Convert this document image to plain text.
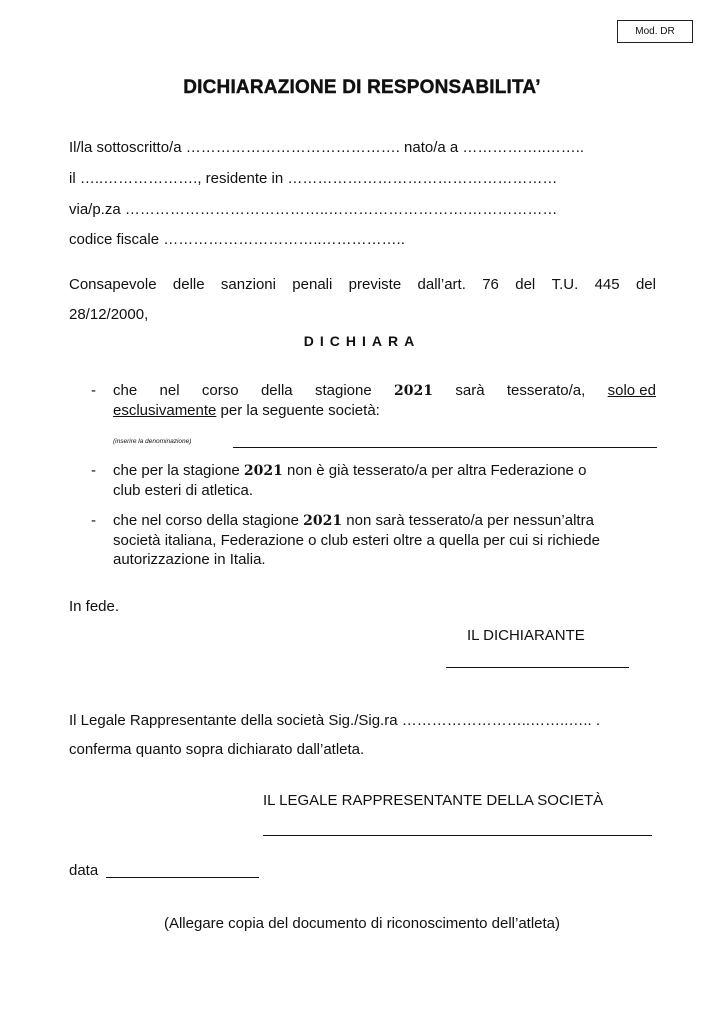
Mod. DR
DICHIARAZIONE DI RESPONSABILITA’
Il/la sottoscritto/a ……………………………………. nato/a a ……………..……..
il …..………………., residente in ………………………………………………
via/p.za …………………………………..……………………….………………
codice fiscale …………………………..……………..
Consapevole delle sanzioni penali previste dall’art. 76 del T.U. 445 del
28/12/2000,
DICHIARA
- che nel corso della stagione 2021 sarà tesserato/a, solo ed
esclusivamente per la seguente società:
(inserire la denominazione)
- che per la stagione 2021 non è già tesserato/a per altra Federazione o
club esteri di atletica.
- che nel corso della stagione 2021 non sarà tesserato/a per nessun’altra
società italiana, Federazione o club esteri oltre a quella per cui si richiede
autorizzazione in Italia.
In fede.
IL DICHIARANTE
Il Legale Rappresentante della società Sig./Sig.ra ……………………..……..….. .
conferma quanto sopra dichiarato dall’atleta.
IL LEGALE RAPPRESENTANTE DELLA SOCIETÀ
data
(Allegare copia del documento di riconoscimento dell’atleta)
